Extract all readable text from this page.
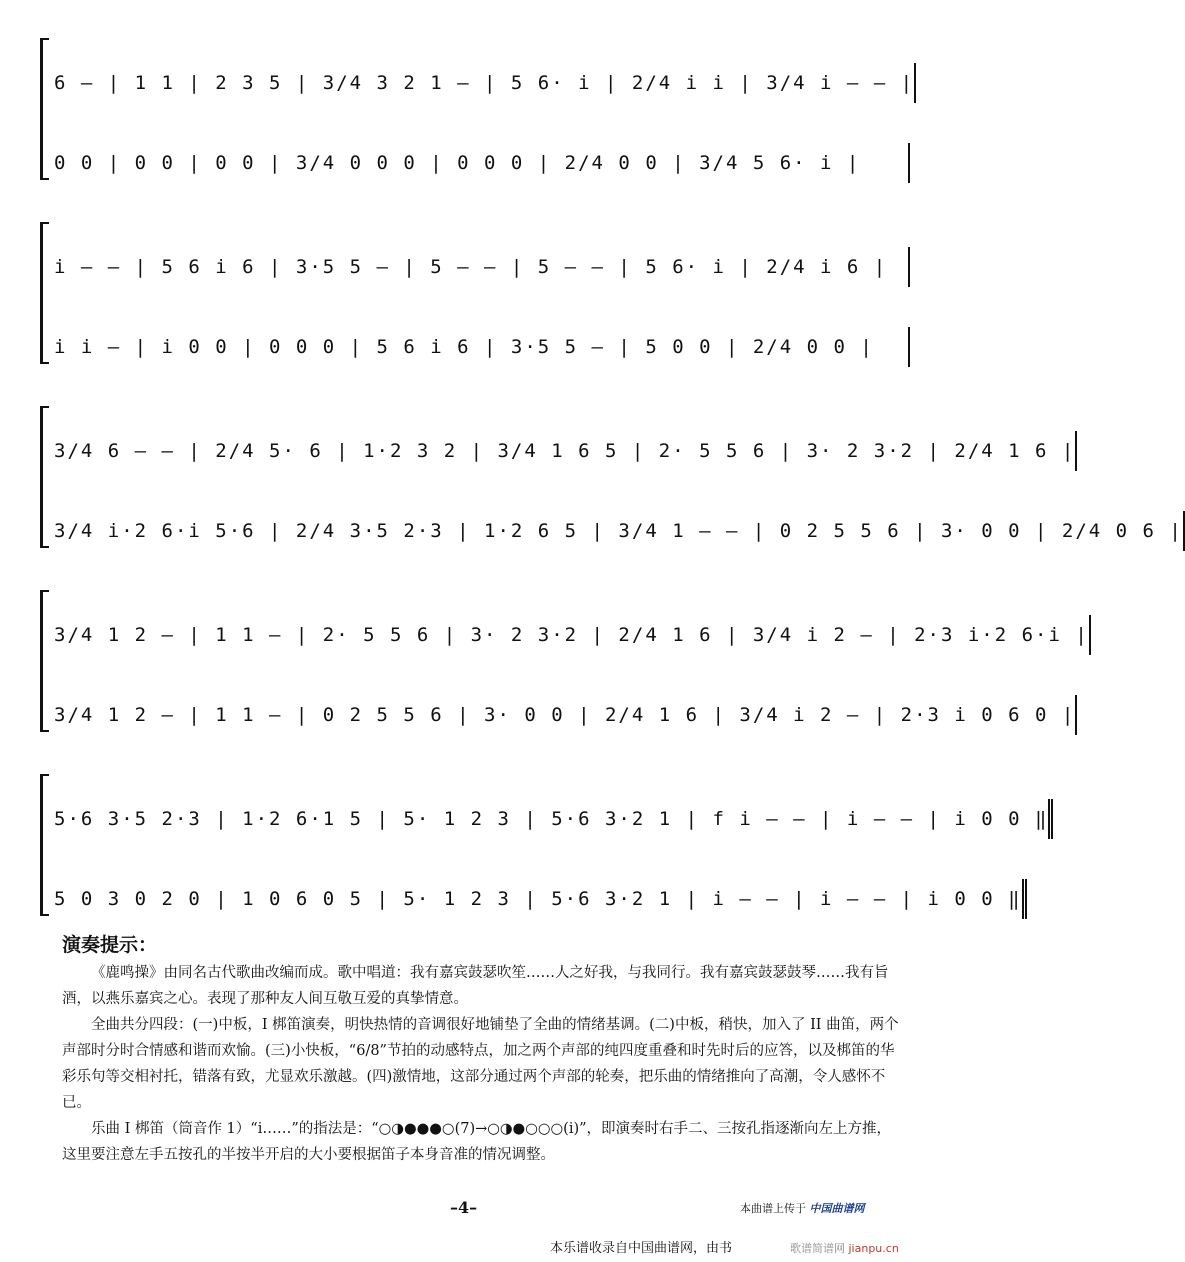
6 – | 1 1 | 2 3 5 | 3/4 3 2 1 – | 5 6· i | 2/4 i i | 3/4 i – – |
0 0 | 0 0 | 0 0 | 3/4 0 0 0 | 0 0 0 | 2/4 0 0 | 3/4 5 6· i |
i – – | 5 6 i 6 | 3·5 5 – | 5 – – | 5 – – | 5 6· i | 2/4 i 6 |
i i – | i 0 0 | 0 0 0 | 5 6 i 6 | 3·5 5 – | 5 0 0 | 2/4 0 0 |
3/4 6 – – | 2/4 5· 6 | 1·2 3 2 | 3/4 1 6 5 | 2· 5 5 6 | 3· 2 3·2 | 2/4 1 6 |
3/4 i·2 6·i 5·6 | 2/4 3·5 2·3 | 1·2 6 5 | 3/4 1 – – | 0 2 5 5 6 | 3· 0 0 | 2/4 0 6 |
3/4 1 2 – | 1 1 – | 2· 5 5 6 | 3· 2 3·2 | 2/4 1 6 | 3/4 i 2 – | 2·3 i·2 6·i |
3/4 1 2 – | 1 1 – | 0 2 5 5 6 | 3· 0 0 | 2/4 1 6 | 3/4 i 2 – | 2·3 i 0 6 0 |
5·6 3·5 2·3 | 1·2 6·1 5 | 5· 1 2 3 | 5·6 3·2 1 | f i – – | i – – | i 0 0 ‖
5 0 3 0 2 0 | 1 0 6 0 5 | 5· 1 2 3 | 5·6 3·2 1 | i – – | i – – | i 0 0 ‖
演奏提示：

《鹿鸣操》由同名古代歌曲改编而成。歌中唱道：我有嘉宾鼓瑟吹笙……人之好我，与我同行。我有嘉宾鼓瑟鼓琴……我有旨酒，以燕乐嘉宾之心。表现了那种友人间互敬互爱的真挚情意。

全曲共分四段：(一)中板，I 梆笛演奏，明快热情的音调很好地铺垫了全曲的情绪基调。(二)中板，稍快，加入了 II 曲笛，两个声部时分时合情感和谐而欢愉。(三)小快板，“6/8”节拍的动感特点，加之两个声部的纯四度重叠和时先时后的应答，以及梆笛的华彩乐句等交相衬托，错落有致，尤显欢乐激越。(四)激情地，这部分通过两个声部的轮奏，把乐曲的情绪推向了高潮，令人感怀不已。

乐曲 I 梆笛（筒音作 1）“i……”的指法是：“○◑●●●○(7)→○◑●○○○(i)”，即演奏时右手二、三按孔指逐渐向左上方推，这里要注意左手五按孔的半按半开启的大小要根据笛子本身音准的情况调整。

–4–	本曲谱上传于 中国曲谱网
本乐谱收录自中国曲谱网，由书	歌谱简谱网 jianpu.cn
